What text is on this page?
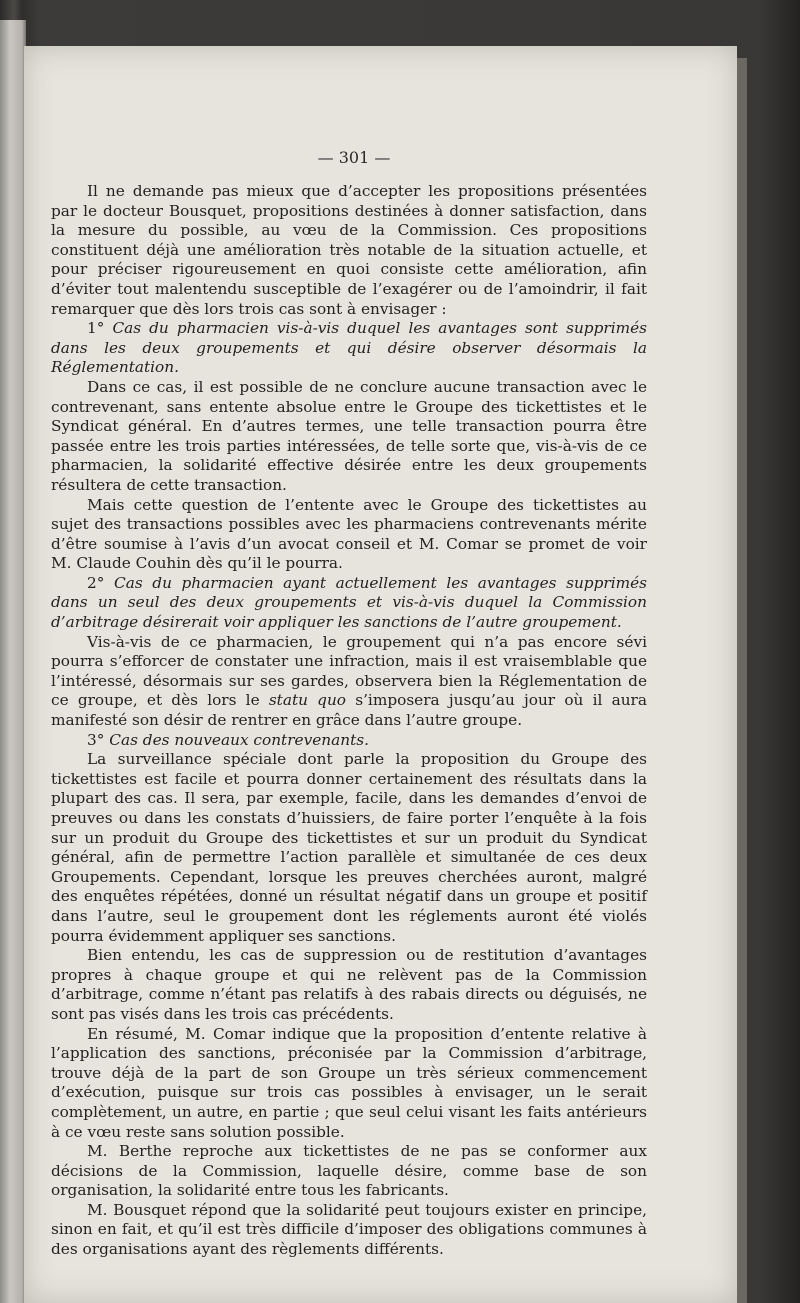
— 301 —

Il ne demande pas mieux que d’accepter les propositions présentées par le docteur Bousquet, propositions destinées à donner satisfaction, dans la mesure du possible, au vœu de la Commission. Ces propositions constituent déjà une amélioration très notable de la situation actuelle, et pour préciser rigoureusement en quoi consiste cette amélioration, afin d’éviter tout malentendu susceptible de l’exagérer ou de l’amoindrir, il fait remarquer que dès lors trois cas sont à envisager :

1° Cas du pharmacien vis-à-vis duquel les avantages sont supprimés dans les deux groupements et qui désire observer désormais la Réglementation.

Dans ce cas, il est possible de ne conclure aucune transaction avec le contrevenant, sans entente absolue entre le Groupe des tickettistes et le Syndicat général. En d’autres termes, une telle transaction pourra être passée entre les trois parties intéressées, de telle sorte que, vis-à-vis de ce pharmacien, la solidarité effective désirée entre les deux groupements résultera de cette transaction.

Mais cette question de l’entente avec le Groupe des tickettistes au sujet des transactions possibles avec les pharmaciens contrevenants mérite d’être soumise à l’avis d’un avocat conseil et M. Comar se promet de voir M. Claude Couhin dès qu’il le pourra.

2° Cas du pharmacien ayant actuellement les avantages supprimés dans un seul des deux groupements et vis-à-vis duquel la Commission d’arbitrage désirerait voir appliquer les sanctions de l’autre groupement.

Vis-à-vis de ce pharmacien, le groupement qui n’a pas encore sévi pourra s’efforcer de constater une infraction, mais il est vraisemblable que l’intéressé, désormais sur ses gardes, observera bien la Réglementation de ce groupe, et dès lors le statu quo s’imposera jusqu’au jour où il aura manifesté son désir de rentrer en grâce dans l’autre groupe.

3° Cas des nouveaux contrevenants.

La surveillance spéciale dont parle la proposition du Groupe des tickettistes est facile et pourra donner certainement des résultats dans la plupart des cas. Il sera, par exemple, facile, dans les demandes d’envoi de preuves ou dans les constats d’huissiers, de faire porter l’enquête à la fois sur un produit du Groupe des tickettistes et sur un produit du Syndicat général, afin de permettre l’action parallèle et simultanée de ces deux Groupements. Cependant, lorsque les preuves cherchées auront, malgré des enquêtes répétées, donné un résultat négatif dans un groupe et positif dans l’autre, seul le groupement dont les réglements auront été violés pourra évidemment appliquer ses sanctions.

Bien entendu, les cas de suppression ou de restitution d’avantages propres à chaque groupe et qui ne relèvent pas de la Commission d’arbitrage, comme n’étant pas relatifs à des rabais directs ou déguisés, ne sont pas visés dans les trois cas précédents.

En résumé, M. Comar indique que la proposition d’entente relative à l’application des sanctions, préconisée par la Commission d’arbitrage, trouve déjà de la part de son Groupe un très sérieux commencement d’exécution, puisque sur trois cas possibles à envisager, un le serait complètement, un autre, en partie ; que seul celui visant les faits antérieurs à ce vœu reste sans solution possible.

M. Berthe reproche aux tickettistes de ne pas se conformer aux décisions de la Commission, laquelle désire, comme base de son organisation, la solidarité entre tous les fabricants.

M. Bousquet répond que la solidarité peut toujours exister en principe, sinon en fait, et qu’il est très difficile d’imposer des obligations communes à des organisations ayant des règlements différents.
